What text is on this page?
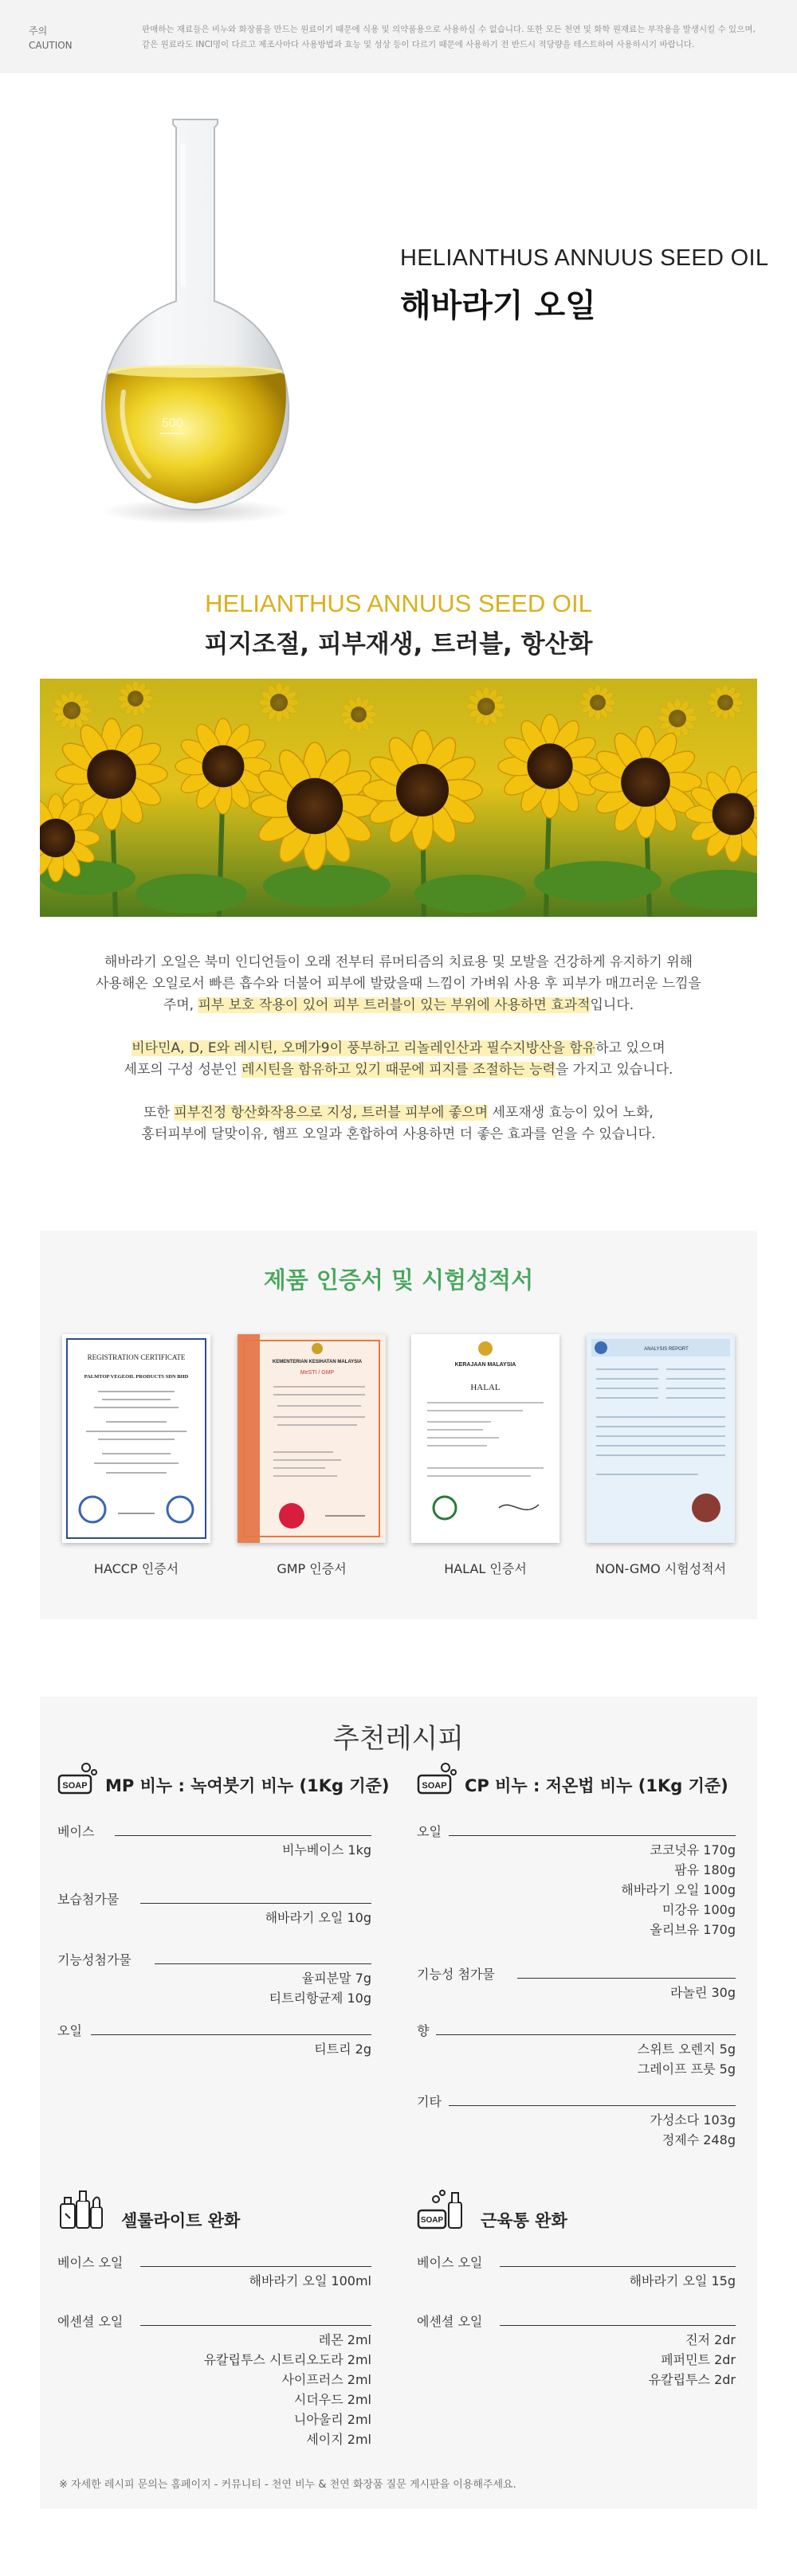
주의
CAUTION
판매하는 재료들은 비누와 화장품을 만드는 원료이기 때문에 식용 및 의약품용으로 사용하실 수 없습니다. 또한 모든 천연 및 화학 원재료는 부작용을 발생시킬 수 있으며, 같은 원료라도 INCI명이 다르고 제조사마다 사용방법과 효능 및 성상 등이 다르기 때문에 사용하기 전 반드시 적당량을 테스트하여 사용하시기 바랍니다.
500
HELIANTHUS ANNUUS SEED OIL
해바라기 오일
HELIANTHUS ANNUUS SEED OIL
피지조절, 피부재생, 트러블, 항산화
해바라기 오일은 북미 인디언들이 오래 전부터 류머티즘의 치료용 및 모발을 건강하게 유지하기 위해
사용해온 오일로서 빠른 흡수와 더불어 피부에 발랐을때 느낌이 가벼워 사용 후 피부가 매끄러운 느낌을
주며, 피부 보호 작용이 있어 피부 트러블이 있는 부위에 사용하면 효과적입니다.
비타민A, D, E와 레시틴, 오메가9이 풍부하고 리놀레인산과 필수지방산을 함유하고 있으며
세포의 구성 성분인 레시틴을 함유하고 있기 때문에 피지를 조절하는 능력을 가지고 있습니다.
또한 피부진정 항산화작용으로 지성, 트러블 피부에 좋으며 세포재생 효능이 있어 노화,
홍터피부에 달맞이유, 햄프 오일과 혼합하여 사용하면 더 좋은 효과를 얻을 수 있습니다.
제품 인증서 및 시험성적서
REGISTRATION CERTIFICATE
PALMTOP VEGEOIL PRODUCTS SDN BHD
HACCP 인증서
KEMENTERIAN KESIHATAN MALAYSIA
MeSTI / GMP
GMP 인증서
KERAJAAN MALAYSIA
HALAL
HALAL 인증서
ANALYSIS REPORT
NON-GMO 시험성적서
추천레시피
SOAP MP 비누 : 녹여붓기 비누 (1Kg 기준)
베이스
비누베이스 1kg
보습첨가물
해바라기 오일 10g
기능성첨가물
율피분말 7g
티트리항균제 10g
오일
티트리 2g
SOAP CP 비누 : 저온법 비누 (1Kg 기준)
오일
코코넛유 170g
팜유 180g
해바라기 오일 100g
미강유 100g
올리브유 170g
기능성 첨가물
라놀린 30g
향
스위트 오렌지 5g
그레이프 프룻 5g
기타
가성소다 103g
정제수 248g
셀룰라이트 완화
베이스 오일
해바라기 오일 100ml
에센셜 오일
레몬 2ml
유칼립투스 시트리오도라 2ml
사이프러스 2ml
시더우드 2ml
니아울리 2ml
세이지 2ml
SOAP 근육통 완화
베이스 오일
해바라기 오일 15g
에센셜 오일
진저 2dr
페퍼민트 2dr
유칼립투스 2dr
※ 자세한 레시피 문의는 홈페이지 - 커뮤니티 - 천연 비누 & 천연 화장품 질문 게시판을 이용해주세요.
